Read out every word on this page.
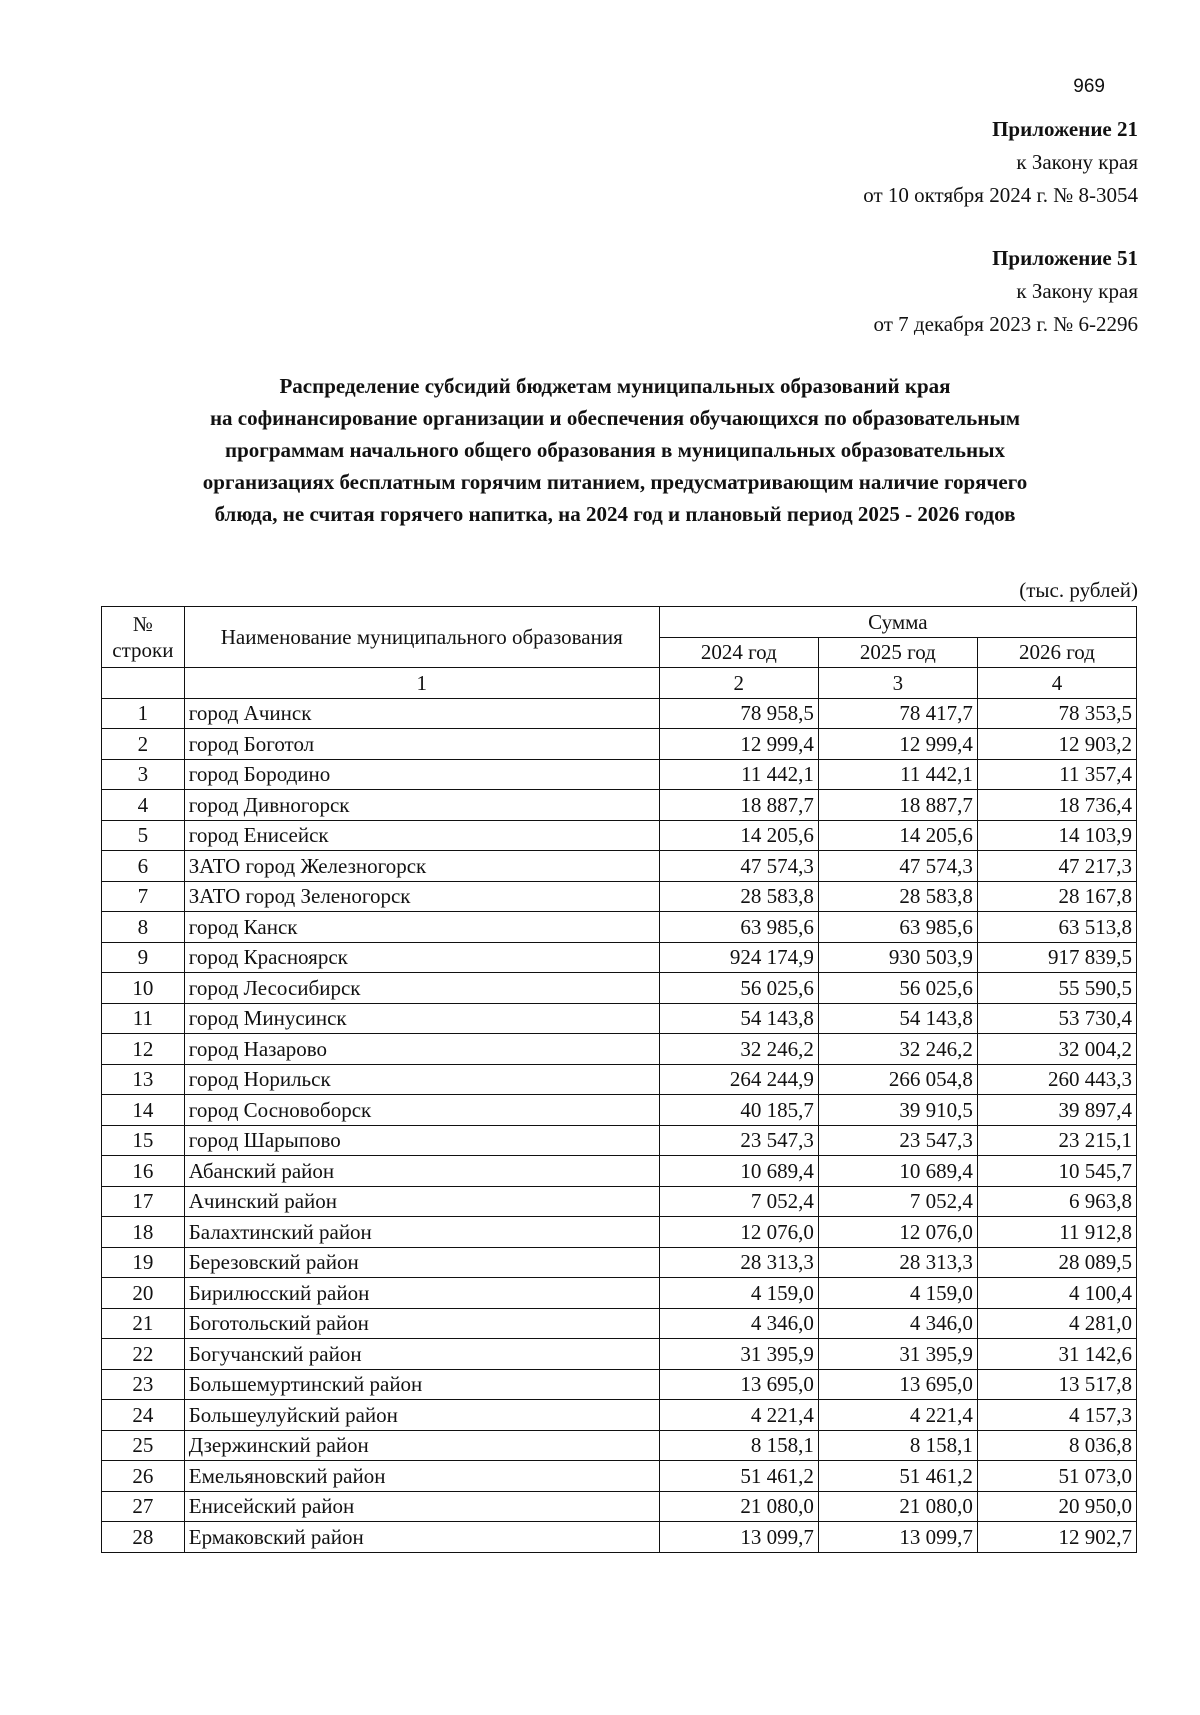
969
Приложение 21
к Закону края
от 10 октября 2024 г. № 8-3054
Приложение 51
к Закону края
от 7 декабря 2023 г. № 6-2296
Распределение субсидий бюджетам муниципальных образований края
на софинансирование организации и обеспечения обучающихся по образовательным
программам начального общего образования в муниципальных образовательных
организациях бесплатным горячим питанием, предусматривающим наличие горячего
блюда, не считая горячего напитка, на 2024 год и плановый период 2025 - 2026 годов
(тыс. рублей)
№ строки	Наименование муниципального образования	Сумма		
		2024 год	2025 год	2026 год
	1	2	3	4
1	город Ачинск	78 958,5	78 417,7	78 353,5
2	город Боготол	12 999,4	12 999,4	12 903,2
3	город Бородино	11 442,1	11 442,1	11 357,4
4	город Дивногорск	18 887,7	18 887,7	18 736,4
5	город Енисейск	14 205,6	14 205,6	14 103,9
6	ЗАТО город Железногорск	47 574,3	47 574,3	47 217,3
7	ЗАТО город Зеленогорск	28 583,8	28 583,8	28 167,8
8	город Канск	63 985,6	63 985,6	63 513,8
9	город Красноярск	924 174,9	930 503,9	917 839,5
10	город Лесосибирск	56 025,6	56 025,6	55 590,5
11	город Минусинск	54 143,8	54 143,8	53 730,4
12	город Назарово	32 246,2	32 246,2	32 004,2
13	город Норильск	264 244,9	266 054,8	260 443,3
14	город Сосновоборск	40 185,7	39 910,5	39 897,4
15	город Шарыпово	23 547,3	23 547,3	23 215,1
16	Абанский район	10 689,4	10 689,4	10 545,7
17	Ачинский район	7 052,4	7 052,4	6 963,8
18	Балахтинский район	12 076,0	12 076,0	11 912,8
19	Березовский район	28 313,3	28 313,3	28 089,5
20	Бирилюсский район	4 159,0	4 159,0	4 100,4
21	Боготольский район	4 346,0	4 346,0	4 281,0
22	Богучанский район	31 395,9	31 395,9	31 142,6
23	Большемуртинский район	13 695,0	13 695,0	13 517,8
24	Большеулуйский район	4 221,4	4 221,4	4 157,3
25	Дзержинский район	8 158,1	8 158,1	8 036,8
26	Емельяновский район	51 461,2	51 461,2	51 073,0
27	Енисейский район	21 080,0	21 080,0	20 950,0
28	Ермаковский район	13 099,7	13 099,7	12 902,7
